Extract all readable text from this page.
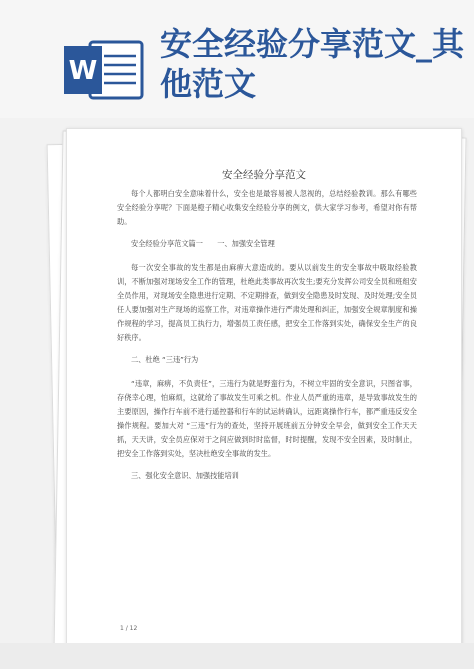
W
安全经验分享范文_其他范文
安全经验分享范文

每个人都明白安全意味着什么，安全也是最容易被人忽视的，总结经验教训。那么有哪些安全经验分享呢？下面是橙子精心收集安全经验分享的例文，供大家学习参考，希望对你有帮助。

安全经验分享范文篇一　　一、加强安全管理

每一次安全事故的发生都是由麻痹大意造成的。要从以前发生的安全事故中吸取经验教训，不断加强对现场安全工作的管理，杜绝此类事故再次发生;要充分发挥公司安全员和班组安全员作用，对现场安全隐患进行定期、不定期排查，做到安全隐患及时发现、及时处理;安全员任人要加强对生产现场的巡察工作，对违章操作进行严肃处理和纠正，加强安全规章制度和操作规程的学习，提高员工执行力，增强员工责任感，把安全工作落到实处，确保安全生产的良好秩序。

二、杜绝 “三违”行为

“违章，麻痹，不负责任”，三违行为就是野蛮行为，不树立牢固的安全意识，只图省事，存侥幸心理，怕麻烦，这就给了事故发生可乘之机。作业人员严重的违章，是导致事故发生的主要原因，操作行车前不进行遥控器和行车的试运转确认，远距离操作行车，都严重违反安全操作规程。要加大对 “三违”行为的查处，坚持开展班前五分钟安全早会，做到安全工作天天抓，天天讲，安全员应保对于之间应做到时时监督，时时提醒，发现不安全因素，及时制止，把安全工作落到实处，坚决杜绝安全事故的发生。

三、强化安全意识、加强技能培训

1 / 12
